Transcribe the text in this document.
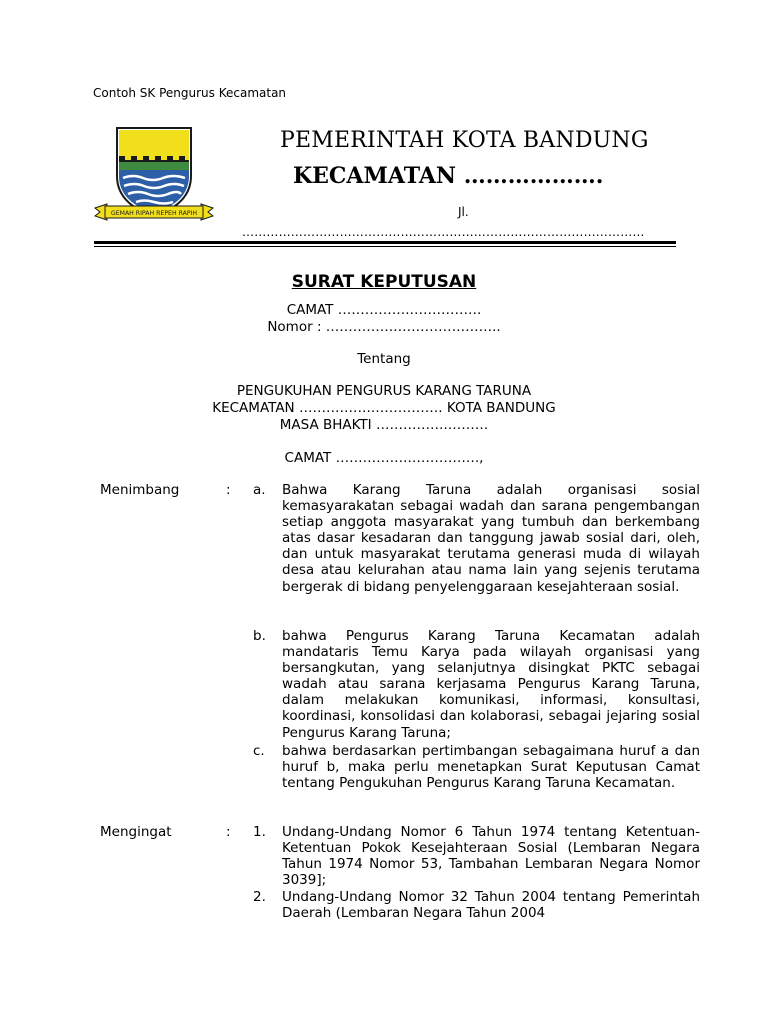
Contoh SK Pengurus Kecamatan
GEMAH RIPAH REPEH RAPIH
PEMERINTAH KOTA BANDUNG
KECAMATAN ……………….
Jl.
………………………………………………………………………………………
SURAT KEPUTUSAN
CAMAT …………….…………….
Nomor : …………….…………………..
Tentang
PENGUKUHAN PENGURUS KARANG TARUNA
KECAMATAN …………….……………. KOTA BANDUNG
MASA BHAKTI …………….………
CAMAT …………….…………….,
Menimbang	: a. Bahwa Karang Taruna adalah organisasi sosial kemasyarakatan sebagai wadah dan sarana pengembangan setiap anggota masyarakat yang tumbuh dan berkembang atas dasar kesadaran dan tanggung jawab sosial dari, oleh, dan untuk masyarakat terutama generasi muda di wilayah desa atau kelurahan atau nama lain yang sejenis terutama bergerak di bidang penyelenggaraan kesejahteraan sosial.

b. bahwa Pengurus Karang Taruna Kecamatan adalah mandataris Temu Karya pada wilayah organisasi yang bersangkutan, yang selanjutnya disingkat PKTC sebagai wadah atau sarana kerjasama Pengurus Karang Taruna, dalam melakukan komunikasi, informasi, konsultasi, koordinasi, konsolidasi dan kolaborasi, sebagai jejaring sosial Pengurus Karang Taruna;

c. bahwa berdasarkan pertimbangan sebagaimana huruf a dan huruf b, maka perlu menetapkan Surat Keputusan Camat tentang Pengukuhan Pengurus Karang Taruna Kecamatan.

Mengingat	: 1. Undang-Undang Nomor 6 Tahun 1974 tentang Ketentuan-Ketentuan Pokok Kesejahteraan Sosial (Lembaran Negara Tahun 1974 Nomor 53, Tambahan Lembaran Negara Nomor 3039];

2. Undang-Undang Nomor 32 Tahun 2004 tentang Pemerintah Daerah (Lembaran Negara Tahun 2004
